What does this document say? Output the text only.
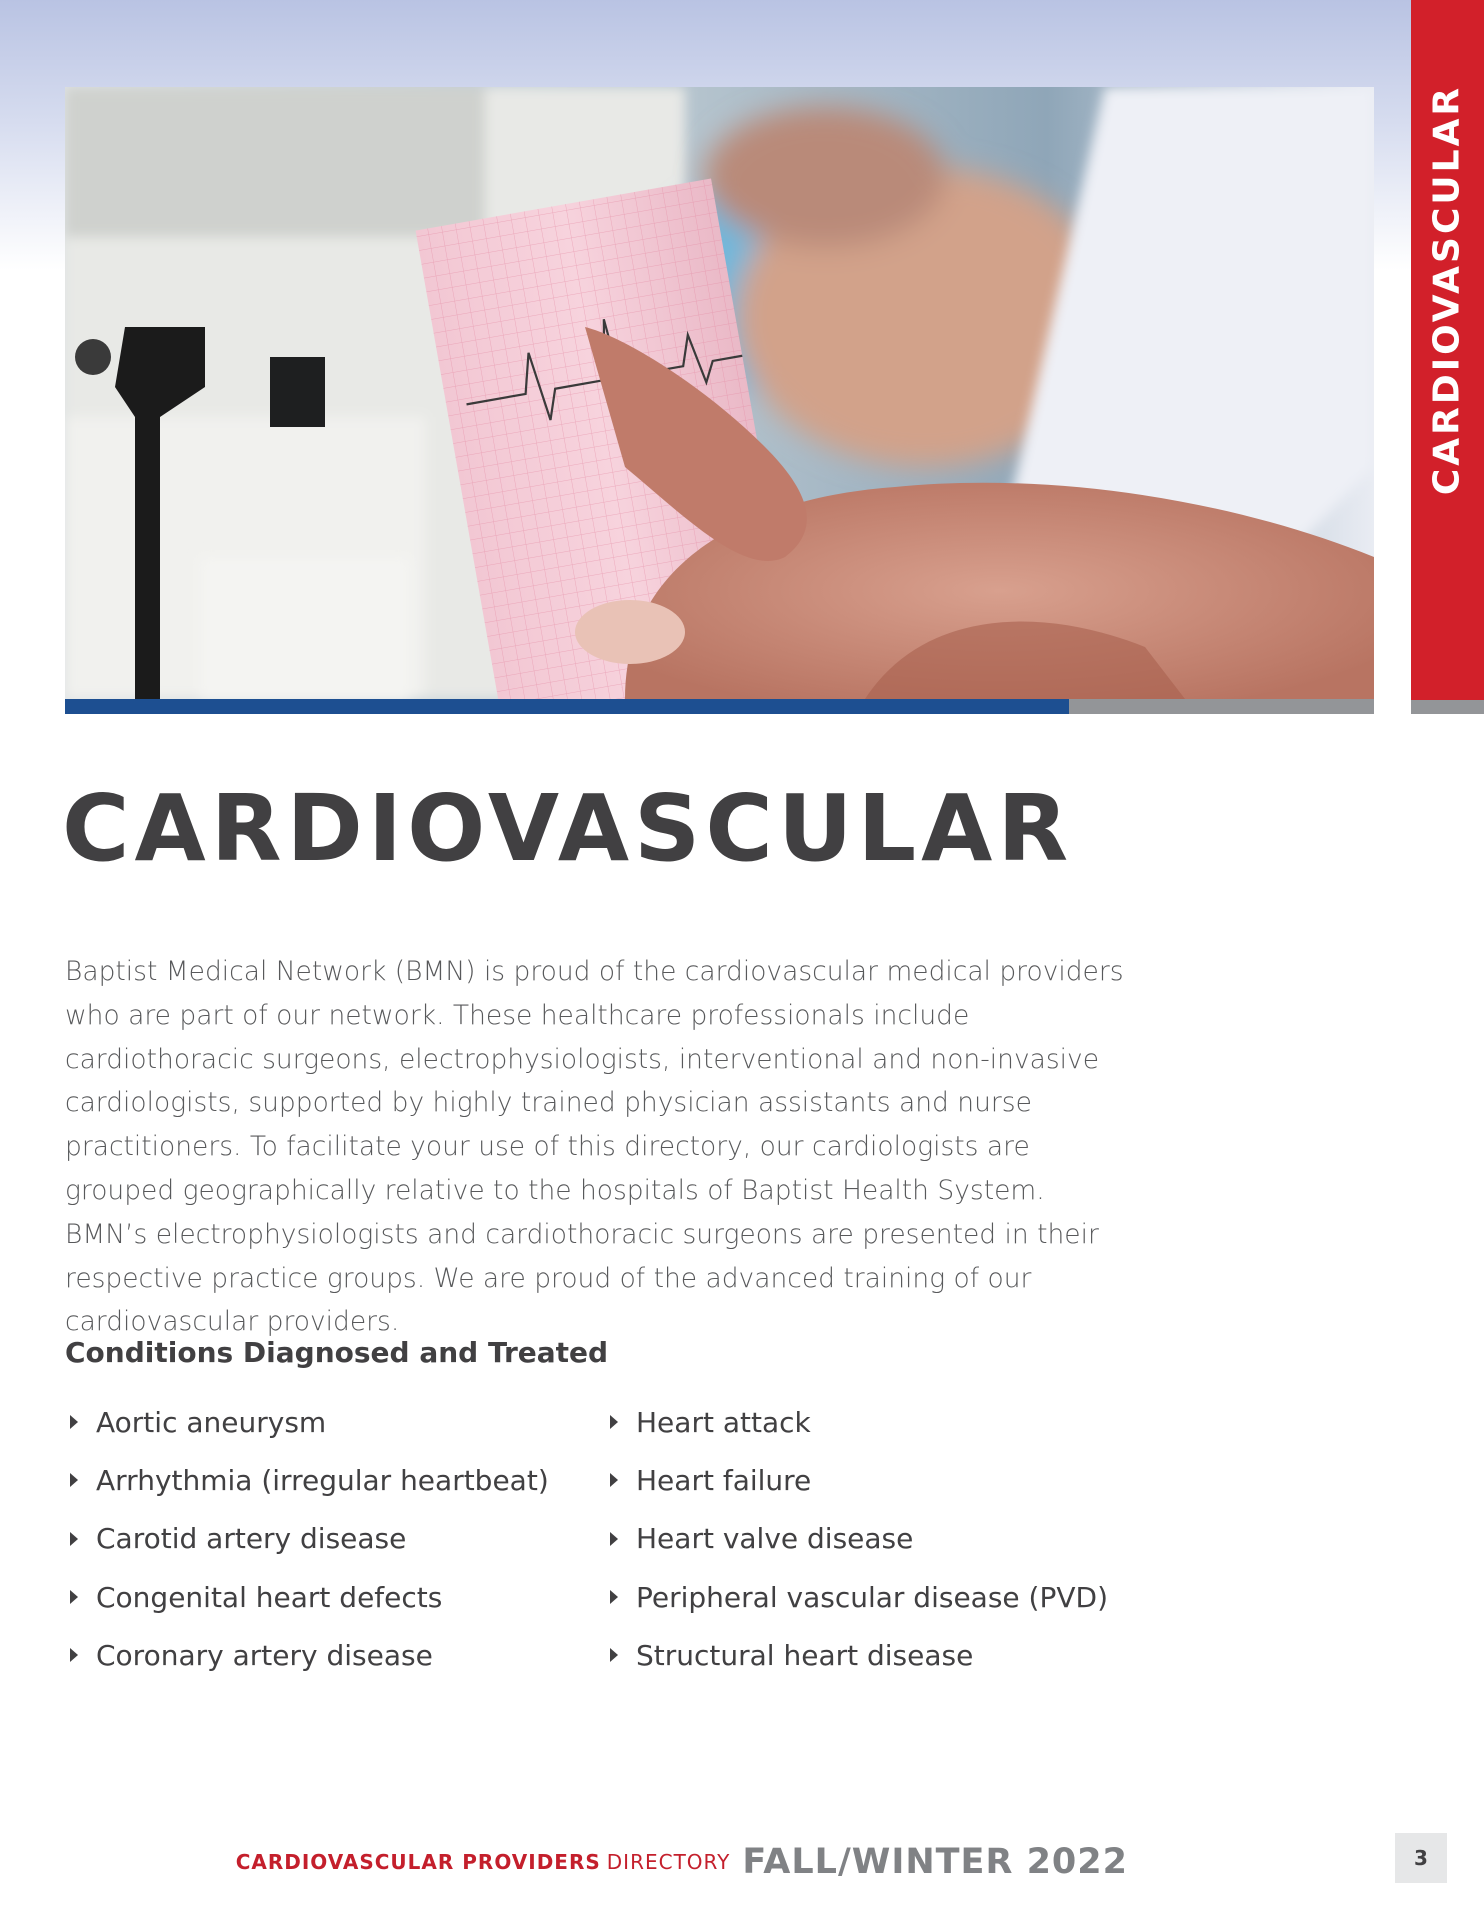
CARDIOVASCULAR
CARDIOVASCULAR

Baptist Medical Network (BMN) is proud of the cardiovascular medical providers who are part of our network. These healthcare professionals include cardiothoracic surgeons, electrophysiologists, interventional and non-invasive cardiologists, supported by highly trained physician assistants and nurse practitioners. To facilitate your use of this directory, our cardiologists are grouped geographically relative to the hospitals of Baptist Health System. BMN’s electrophysiologists and cardiothoracic surgeons are presented in their respective practice groups. We are proud of the advanced training of our cardiovascular providers.

Conditions Diagnosed and Treated
Aortic aneurysm
Arrhythmia (irregular heartbeat)
Carotid artery disease
Congenital heart defects
Coronary artery disease
Heart attack
Heart failure
Heart valve disease
Peripheral vascular disease (PVD)
Structural heart disease
CARDIOVASCULAR PROVIDERS DIRECTORY FALL/WINTER 2022	3
